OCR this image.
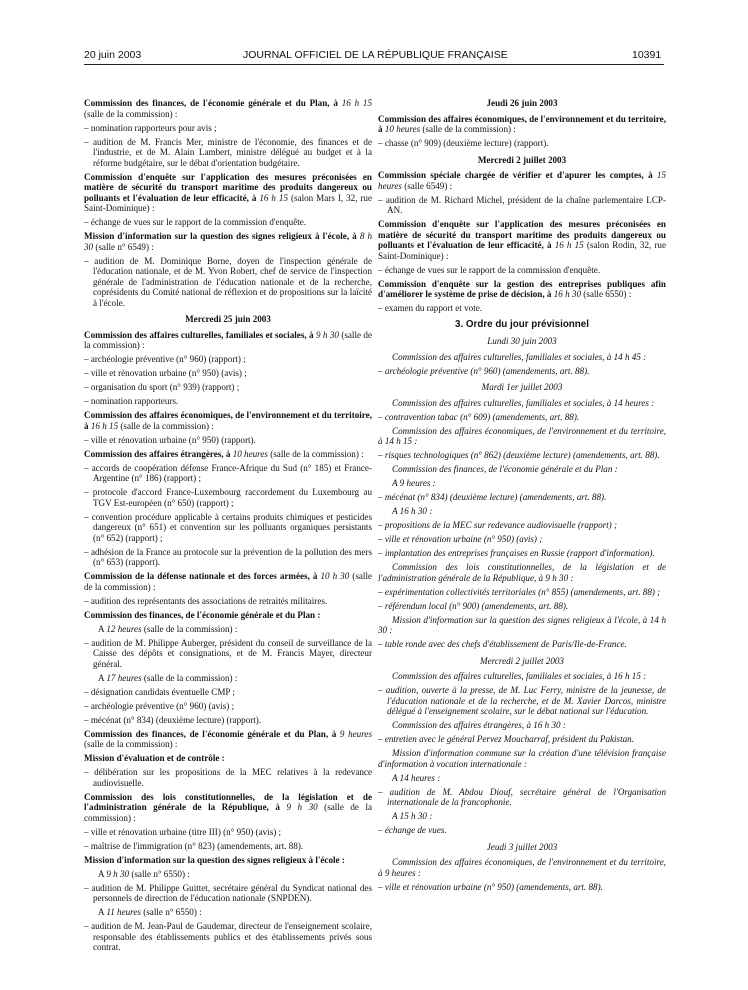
20 juin 2003	JOURNAL OFFICIEL DE LA RÉPUBLIQUE FRANÇAISE	10391

Commission des finances, de l'économie générale et du Plan, à 16 h 15 (salle de la commission) :

– nomination rapporteurs pour avis ;

– audition de M. Francis Mer, ministre de l'économie, des finances et de l'industrie, et de M. Alain Lambert, ministre délégué au budget et à la réforme budgétaire, sur le débat d'orientation budgétaire.

Commission d'enquête sur l'application des mesures préconisées en matière de sécurité du transport maritime des produits dangereux ou polluants et l'évaluation de leur efficacité, à 16 h 15 (salon Mars I, 32, rue Saint-Dominique) :

– échange de vues sur le rapport de la commission d'enquête.

Mission d'information sur la question des signes religieux à l'école, à 8 h 30 (salle n° 6549) :

– audition de M. Dominique Borne, doyen de l'inspection générale de l'éducation nationale, et de M. Yvon Robert, chef de service de l'inspection générale de l'administration de l'éducation nationale et de la recherche, coprésidents du Comité national de réflexion et de propositions sur la laïcité à l'école.

Mercredi 25 juin 2003

Commission des affaires culturelles, familiales et sociales, à 9 h 30 (salle de la commission) :

– archéologie préventive (n° 960) (rapport) ;

– ville et rénovation urbaine (n° 950) (avis) ;

– organisation du sport (n° 939) (rapport) ;

– nomination rapporteurs.

Commission des affaires économiques, de l'environnement et du territoire, à 16 h 15 (salle de la commission) :

– ville et rénovation urbaine (n° 950) (rapport).

Commission des affaires étrangères, à 10 heures (salle de la commission) :

– accords de coopération défense France-Afrique du Sud (n° 185) et France-Argentine (n° 186) (rapport) ;

– protocole d'accord France-Luxembourg raccordement du Luxembourg au TGV Est-européen (n° 650) (rapport) ;

– convention procédure applicable à certains produits chimiques et pesticides dangereux (n° 651) et convention sur les polluants organiques persistants (n° 652) (rapport) ;

– adhésion de la France au protocole sur la prévention de la pollution des mers (n° 653) (rapport).

Commission de la défense nationale et des forces armées, à 10 h 30 (salle de la commission) :

– audition des représentants des associations de retraités militaires.

Commission des finances, de l'économie générale et du Plan :

A 12 heures (salle de la commission) :

– audition de M. Philippe Auberger, président du conseil de surveillance de la Caisse des dépôts et consignations, et de M. Francis Mayer, directeur général.

A 17 heures (salle de la commission) :

– désignation candidats éventuelle CMP ;

– archéologie préventive (n° 960) (avis) ;

– mécénat (n° 834) (deuxième lecture) (rapport).

Commission des finances, de l'économie générale et du Plan, à 9 heures (salle de la commission) :

Mission d'évaluation et de contrôle :

– délibération sur les propositions de la MEC relatives à la redevance audiovisuelle.

Commission des lois constitutionnelles, de la législation et de l'administration générale de la République, à 9 h 30 (salle de la commission) :

– ville et rénovation urbaine (titre III) (n° 950) (avis) ;

– maîtrise de l'immigration (n° 823) (amendements, art. 88).

Mission d'information sur la question des signes religieux à l'école :

A 9 h 30 (salle n° 6550) :

– audition de M. Philippe Guittet, secrétaire général du Syndicat national des personnels de direction de l'éducation nationale (SNPDEN).

A 11 heures (salle n° 6550) :

– audition de M. Jean-Paul de Gaudemar, directeur de l'enseignement scolaire, responsable des établissements publics et des établissements privés sous contrat.

Jeudi 26 juin 2003

Commission des affaires économiques, de l'environnement et du territoire, à 10 heures (salle de la commission) :

– chasse (n° 909) (deuxième lecture) (rapport).

Mercredi 2 juillet 2003

Commission spéciale chargée de vérifier et d'apurer les comptes, à 15 heures (salle 6549) :

– audition de M. Richard Michel, président de la chaîne parlementaire LCP-AN.

Commission d'enquête sur l'application des mesures préconisées en matière de sécurité du transport maritime des produits dangereux ou polluants et l'évaluation de leur efficacité, à 16 h 15 (salon Rodin, 32, rue Saint-Dominique) :

– échange de vues sur le rapport de la commission d'enquête.

Commission d'enquête sur la gestion des entreprises publiques afin d'améliorer le système de prise de décision, à 16 h 30 (salle 6550) :

– examen du rapport et vote.

3. Ordre du jour prévisionnel
Lundi 30 juin 2003

Commission des affaires culturelles, familiales et sociales, à 14 h 45 :

– archéologie préventive (n° 960) (amendements, art. 88).

Mardi 1er juillet 2003

Commission des affaires culturelles, familiales et sociales, à 14 heures :

– contravention tabac (n° 609) (amendements, art. 88).

Commission des affaires économiques, de l'environnement et du territoire, à 14 h 15 :

– risques technologiques (n° 862) (deuxième lecture) (amendements, art. 88).

Commission des finances, de l'économie générale et du Plan :

A 9 heures :

– mécénat (n° 834) (deuxième lecture) (amendements, art. 88).

A 16 h 30 :

– propositions de la MEC sur redevance audiovisuelle (rapport) ;

– ville et rénovation urbaine (n° 950) (avis) ;

– implantation des entreprises françaises en Russie (rapport d'information).

Commission des lois constitutionnelles, de la législation et de l'administration générale de la République, à 9 h 30 :

– expérimentation collectivités territoriales (n° 855) (amendements, art. 88) ;

– référendum local (n° 900) (amendements, art. 88).

Mission d'information sur la question des signes religieux à l'école, à 14 h 30 :

– table ronde avec des chefs d'établissement de Paris/Ile-de-France.

Mercredi 2 juillet 2003

Commission des affaires culturelles, familiales et sociales, à 16 h 15 :

– audition, ouverte à la presse, de M. Luc Ferry, ministre de la jeunesse, de l'éducation nationale et de la recherche, et de M. Xavier Darcos, ministre délégué à l'enseignement scolaire, sur le débat national sur l'éducation.

Commission des affaires étrangères, à 16 h 30 :

– entretien avec le général Pervez Moucharraf, président du Pakistan.

Mission d'information commune sur la création d'une télévision française d'information à vocation internationale :

A 14 heures :

– audition de M. Abdou Diouf, secrétaire général de l'Organisation internationale de la francophonie.

A 15 h 30 :

– échange de vues.

Jeudi 3 juillet 2003

Commission des affaires économiques, de l'environnement et du territoire, à 9 heures :

– ville et rénovation urbaine (n° 950) (amendements, art. 88).
